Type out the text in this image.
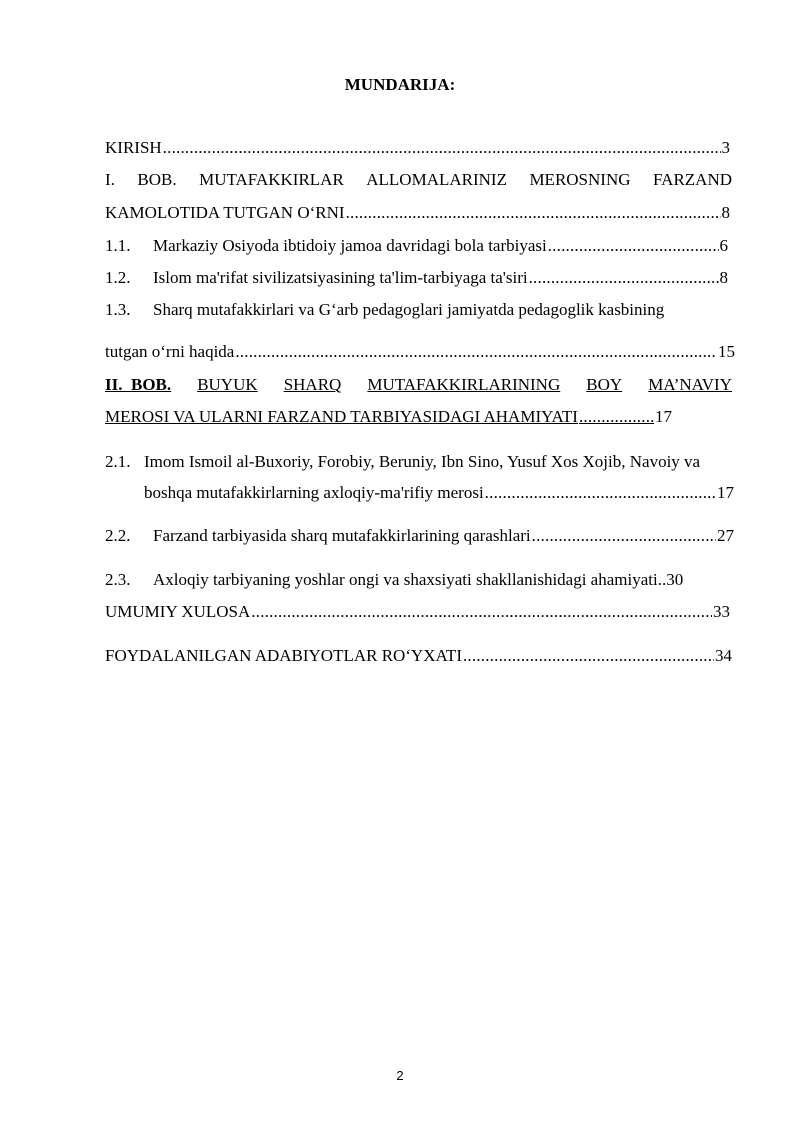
MUNDARIJA:
KIRISH .....	3
I. BOB. MUTAFAKKIRLAR ALLOMALARINIZ MEROSNING FARZAND
KAMOLOTIDA TUTGAN O‘RNI .....	8
1.1.	Markaziy Osiyoda ibtidoiy jamoa davridagi bola tarbiyasi .....	6
1.2.	Islom ma'rifat sivilizatsiyasining ta'lim-tarbiyaga ta'siri .....	8
1.3.	Sharq mutafakkirlari va G‘arb pedagoglari jamiyatda pedagoglik kasbining
tutgan o‘rni haqida .....	15
II.  BOB. BUYUK SHARQ MUTAFAKKIRLARINING BOY MA’NAVIY
MEROSI VA ULARNI FARZAND TARBIYASIDAGI AHAMIYATI .....	17
2.1. Imom Ismoil al-Buxoriy, Forobiy, Beruniy, Ibn Sino, Yusuf Xos Xojib, Navoiy va
boshqa mutafakkirlarning axloqiy-ma'rifiy merosi .....	17
2.2.	Farzand tarbiyasida sharq mutafakkirlarining qarashlari .....	27
2.3.	Axloqiy tarbiyaning yoshlar ongi va shaxsiyati shakllanishidagi ahamiyati..30
UMUMIY XULOSA .....	33
FOYDALANILGAN ADABIYOTLAR RO‘YXATI .....	34
2
